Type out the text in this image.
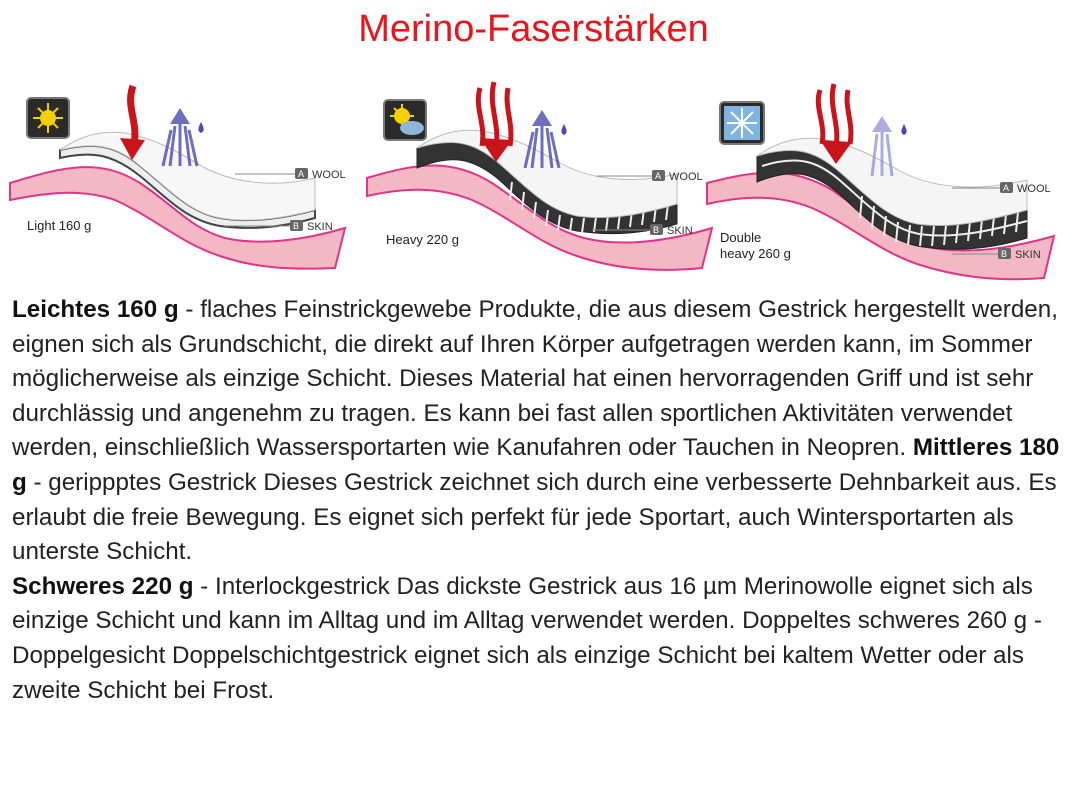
Merino-Faserstärken
A WOOL
B SKIN
Light 160 g
A WOOL
B SKIN
Heavy 220 g
A WOOL
B SKIN
Double
heavy 260 g
Leichtes 160 g - flaches Feinstrickgewebe Produkte, die aus diesem Gestrick hergestellt werden, eignen sich als Grundschicht, die direkt auf Ihren Körper aufgetragen werden kann, im Sommer möglicherweise als einzige Schicht. Dieses Material hat einen hervorragenden Griff und ist sehr durchlässig und angenehm zu tragen. Es kann bei fast allen sportlichen Aktivitäten verwendet werden, einschließlich Wassersportarten wie Kanufahren oder Tauchen in Neopren. Mittleres 180 g - gerippptes Gestrick Dieses Gestrick zeichnet sich durch eine verbesserte Dehnbarkeit aus. Es erlaubt die freie Bewegung. Es eignet sich perfekt für jede Sportart, auch Wintersportarten als unterste Schicht.
Schweres 220 g - Interlockgestrick Das dickste Gestrick aus 16 µm Merinowolle eignet sich als einzige Schicht und kann im Alltag und im Alltag verwendet werden. Doppeltes schweres 260 g - Doppelgesicht Doppelschichtgestrick eignet sich als einzige Schicht bei kaltem Wetter oder als zweite Schicht bei Frost.
